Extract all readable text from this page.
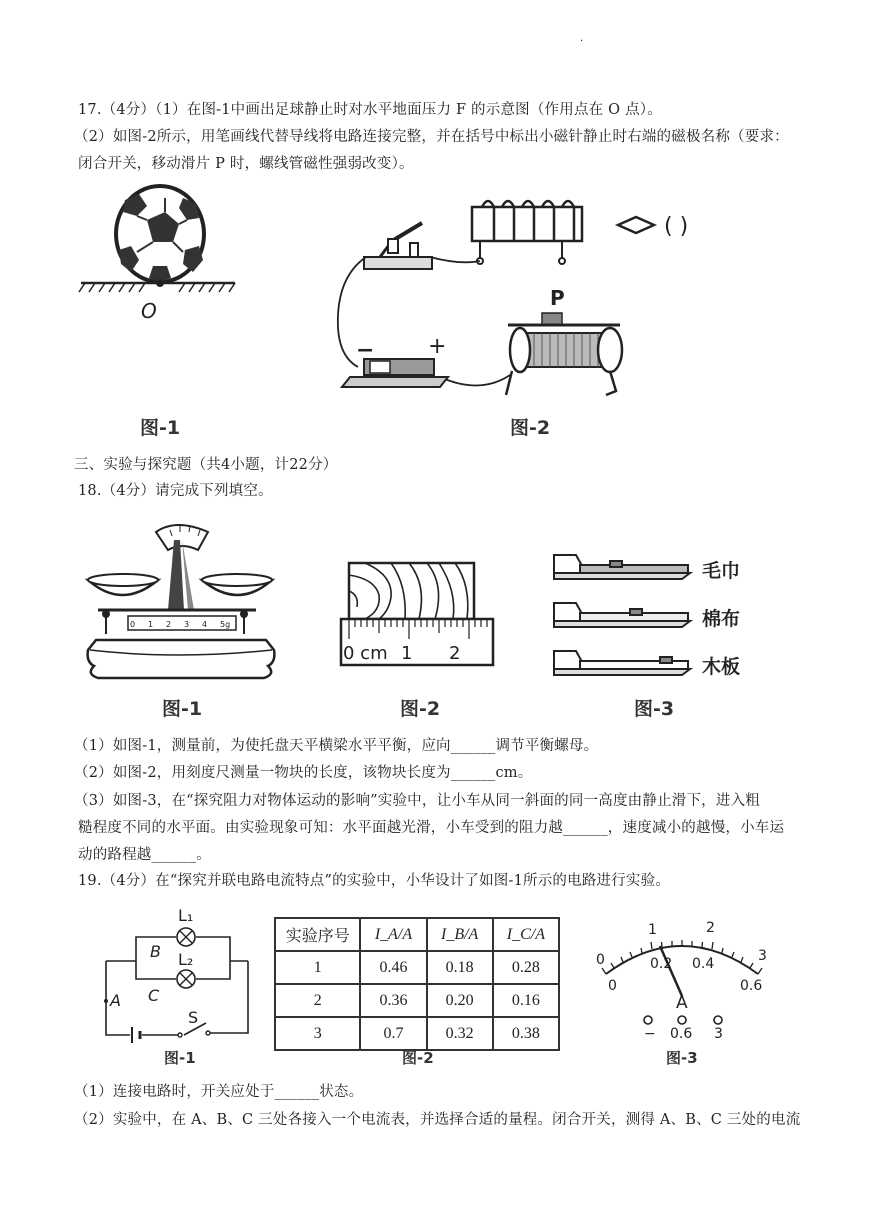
·
17.（4分）（1）在图-1中画出足球静止时对水平地面压力 F 的示意图（作用点在 O 点）。
（2）如图-2所示，用笔画线代替导线将电路连接完整，并在括号中标出小磁针静止时右端的磁极名称（要求：
闭合开关，移动滑片 P 时，螺线管磁性强弱改变）。
O
图-1
( )
− +
P
图-2
三、实验与探究题（共4小题，计22分）
18.（4分）请完成下列填空。
0 1 2 3 4 5g
图-1
0 cm 1 2
图-2
毛巾
棉布
木板
图-3
（1）如图-1，测量前，为使托盘天平横梁水平平衡，应向______调节平衡螺母。
（2）如图-2，用刻度尺测量一物块的长度，该物块长度为______cm。
（3）如图-3，在“探究阻力对物体运动的影响”实验中，让小车从同一斜面的同一高度由静止滑下，进入粗
糙程度不同的水平面。由实验现象可知：水平面越光滑，小车受到的阻力越______，速度减小的越慢，小车运
动的路程越______。
19.（4分）在“探究并联电路电流特点”的实验中，小华设计了如图-1所示的电路进行实验。
L₁
L₂
B
C
A
S
图-1
实验序号	I_A/A	I_B/A	I_C/A
1	0.46	0.18	0.28
2	0.36	0.20	0.16
3	0.7	0.32	0.38
图-2
0
1	2
3
0
0.2 0.4
0.6
A
− 0.6 3
图-3
（1）连接电路时，开关应处于______状态。
（2）实验中，在 A、B、C 三处各接入一个电流表，并选择合适的量程。闭合开关，测得 A、B、C 三处的电流
